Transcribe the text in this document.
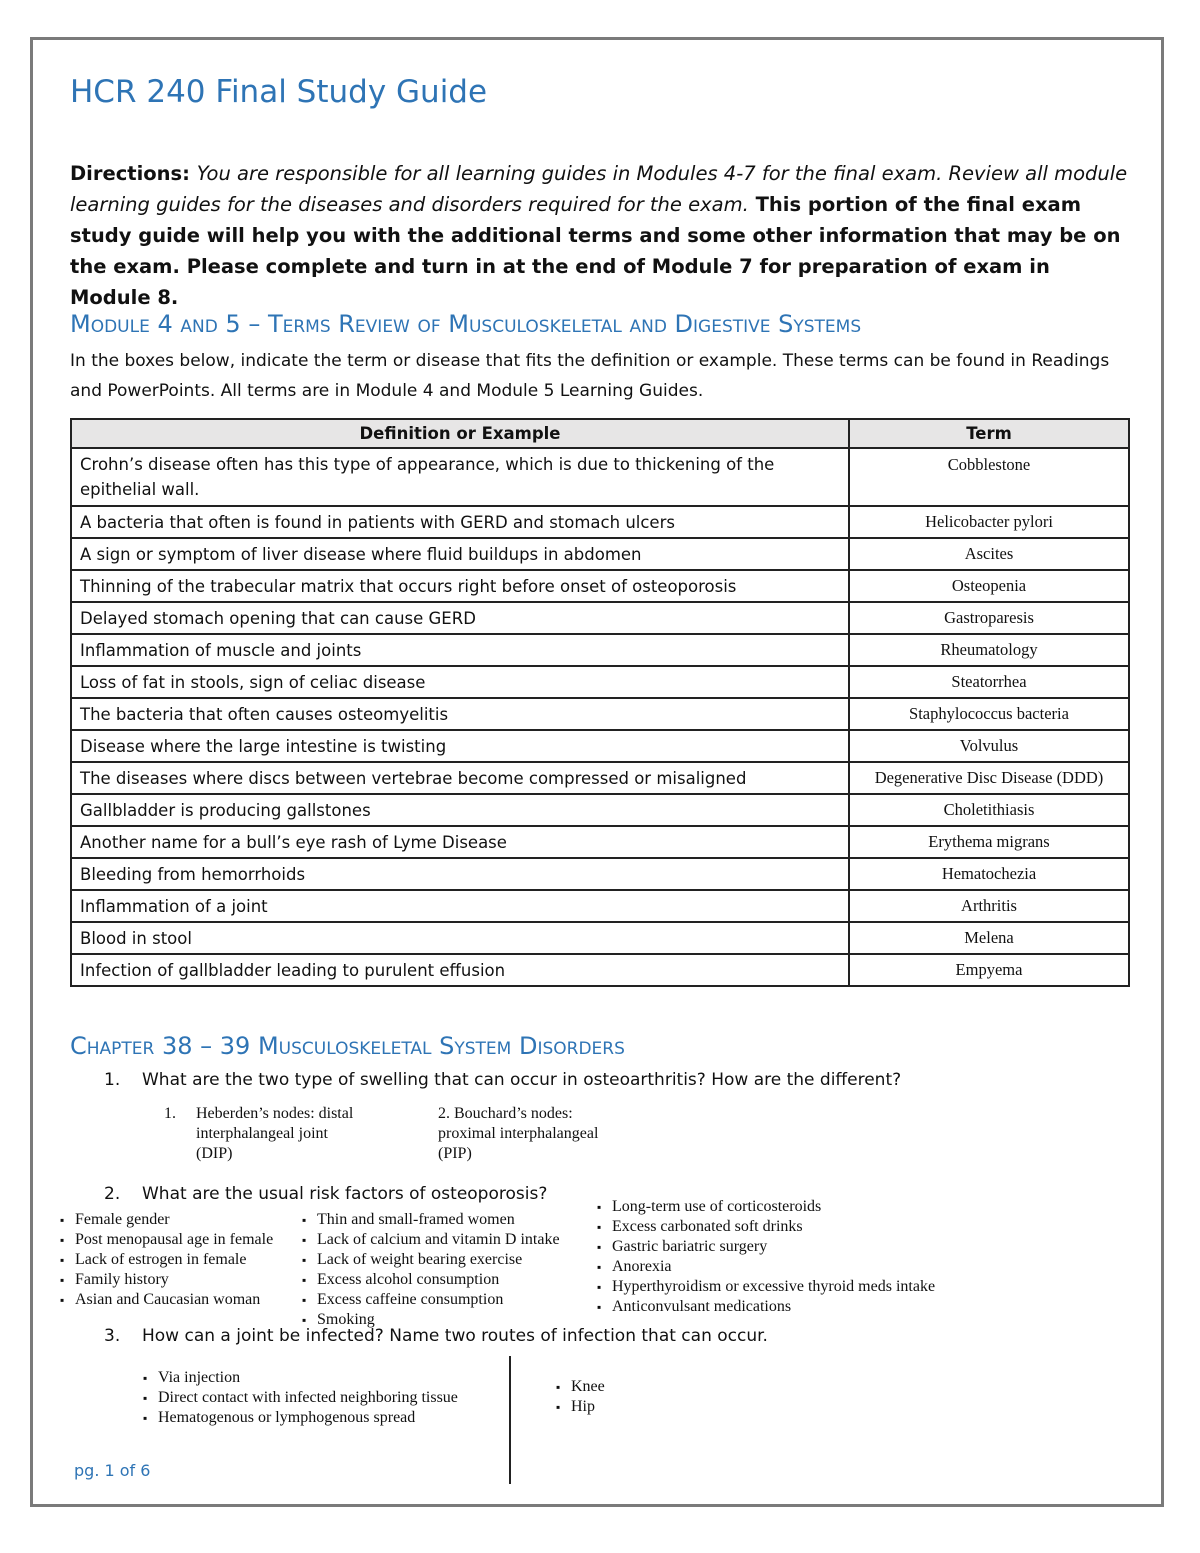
HCR 240 Final Study Guide
Directions: You are responsible for all learning guides in Modules 4-7 for the final exam. Review all module learning guides for the diseases and disorders required for the exam. This portion of the final exam study guide will help you with the additional terms and some other information that may be on the exam. Please complete and turn in at the end of Module 7 for preparation of exam in Module 8.
Module 4 and 5 – Terms Review of Musculoskeletal and Digestive Systems
In the boxes below, indicate the term or disease that fits the definition or example. These terms can be found in Readings and PowerPoints. All terms are in Module 4 and Module 5 Learning Guides.
Definition or Example	Term
Crohn’s disease often has this type of appearance, which is due to thickening of the epithelial wall.	Cobblestone
A bacteria that often is found in patients with GERD and stomach ulcers	Helicobacter pylori
A sign or symptom of liver disease where fluid buildups in abdomen	Ascites
Thinning of the trabecular matrix that occurs right before onset of osteoporosis	Osteopenia
Delayed stomach opening that can cause GERD	Gastroparesis
Inflammation of muscle and joints	Rheumatology
Loss of fat in stools, sign of celiac disease	Steatorrhea
The bacteria that often causes osteomyelitis	Staphylococcus bacteria
Disease where the large intestine is twisting	Volvulus
The diseases where discs between vertebrae become compressed or misaligned	Degenerative Disc Disease (DDD)
Gallbladder is producing gallstones	Choletithiasis
Another name for a bull’s eye rash of Lyme Disease	Erythema migrans
Bleeding from hemorrhoids	Hematochezia
Inflammation of a joint	Arthritis
Blood in stool	Melena
Infection of gallbladder leading to purulent effusion	Empyema
Chapter 38 – 39 Musculoskeletal System Disorders
1. What are the two type of swelling that can occur in osteoarthritis? How are the different?
1. Heberden’s nodes: distal
interphalangeal joint
(DIP)
2. Bouchard’s nodes:
proximal interphalangeal
(PIP)
2. What are the usual risk factors of osteoporosis?
▪ Female gender
▪ Post menopausal age in female
▪ Lack of estrogen in female
▪ Family history
▪ Asian and Caucasian woman
▪ Thin and small-framed women
▪ Lack of calcium and vitamin D intake
▪ Lack of weight bearing exercise
▪ Excess alcohol consumption
▪ Excess caffeine consumption
▪ Smoking
▪ Long-term use of corticosteroids
▪ Excess carbonated soft drinks
▪ Gastric bariatric surgery
▪ Anorexia
▪ Hyperthyroidism or excessive thyroid meds intake
▪ Anticonvulsant medications
3. How can a joint be infected? Name two routes of infection that can occur.
▪ Via injection
▪ Direct contact with infected neighboring tissue
▪ Hematogenous or lymphogenous spread
▪ Knee
▪ Hip
pg. 1 of 6
